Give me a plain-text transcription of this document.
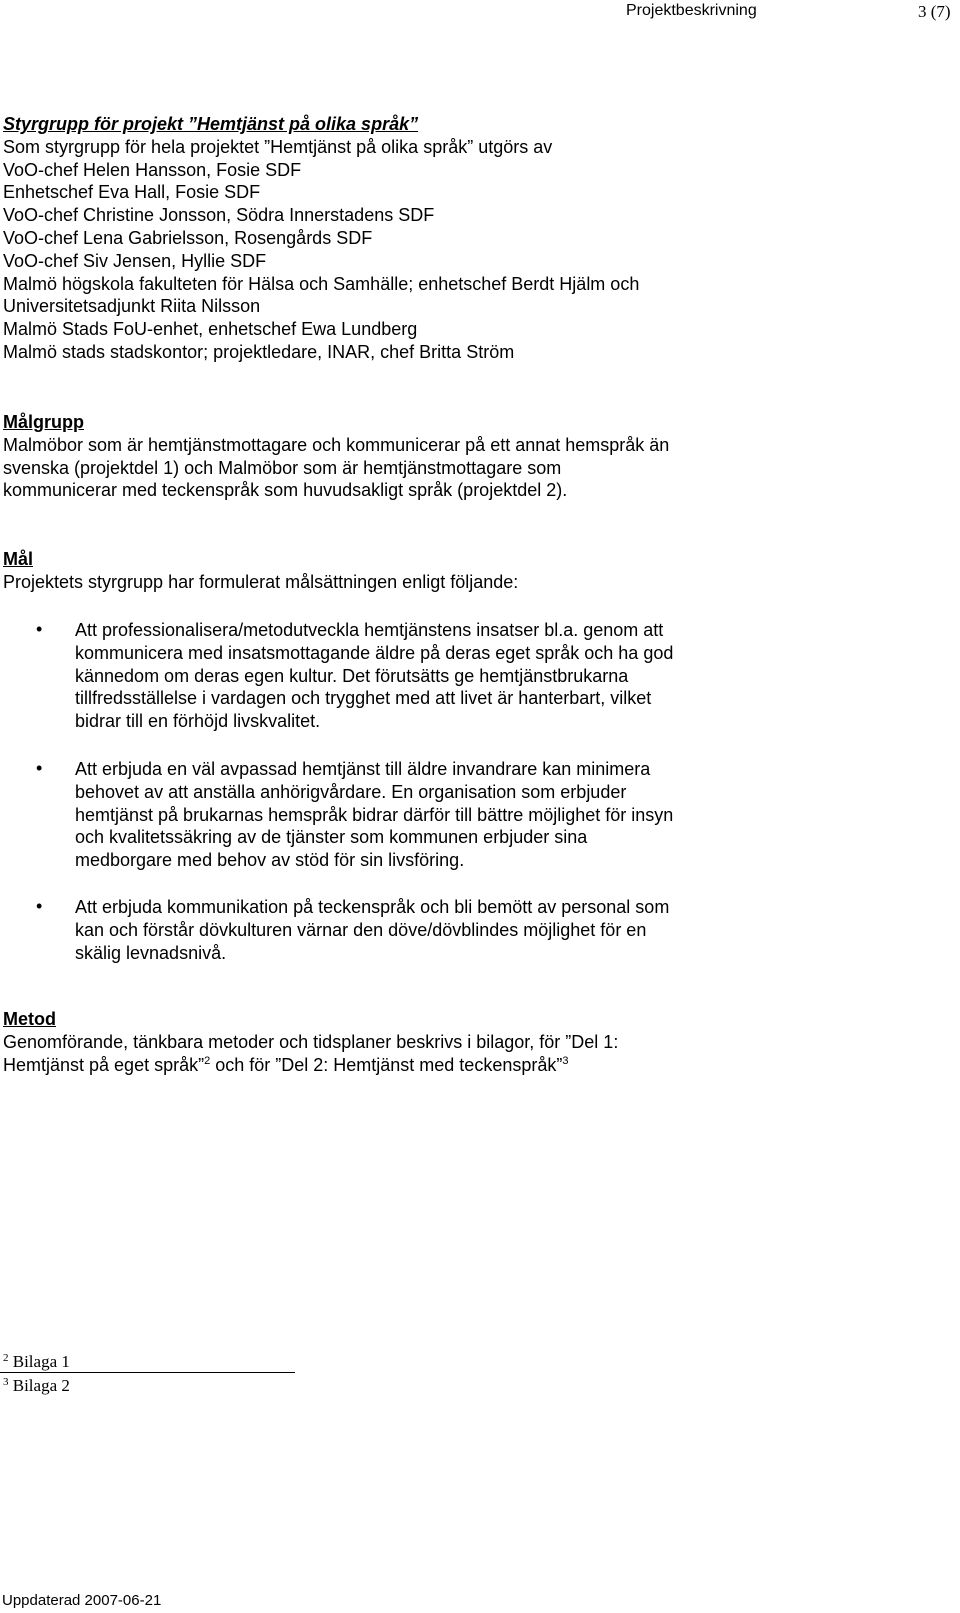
Projektbeskrivning	3 (7)
Styrgrupp för projekt ”Hemtjänst på olika språk”
Som styrgrupp för hela projektet ”Hemtjänst på olika språk” utgörs av
VoO-chef Helen Hansson, Fosie SDF
Enhetschef Eva Hall, Fosie SDF
VoO-chef Christine Jonsson, Södra Innerstadens SDF
VoO-chef Lena Gabrielsson, Rosengårds SDF
VoO-chef Siv Jensen, Hyllie SDF
Malmö högskola fakulteten för Hälsa och Samhälle; enhetschef Berdt Hjälm och
Universitetsadjunkt Riita Nilsson
Malmö Stads FoU-enhet, enhetschef Ewa Lundberg
Malmö stads stadskontor; projektledare, INAR, chef Britta Ström
Målgrupp
Malmöbor som är hemtjänstmottagare och kommunicerar på ett annat hemspråk än
svenska (projektdel 1) och Malmöbor som är hemtjänstmottagare som
kommunicerar med teckenspråk som huvudsakligt språk (projektdel 2).
Mål
Projektets styrgrupp har formulerat målsättningen enligt följande:
• Att professionalisera/metodutveckla hemtjänstens insatser bl.a. genom att
kommunicera med insatsmottagande äldre på deras eget språk och ha god
kännedom om deras egen kultur. Det förutsätts ge hemtjänstbrukarna
tillfredsställelse i vardagen och trygghet med att livet är hanterbart, vilket
bidrar till en förhöjd livskvalitet.
• Att erbjuda en väl avpassad hemtjänst till äldre invandrare kan minimera
behovet av att anställa anhörigvårdare. En organisation som erbjuder
hemtjänst på brukarnas hemspråk bidrar därför till bättre möjlighet för insyn
och kvalitetssäkring av de tjänster som kommunen erbjuder sina
medborgare med behov av stöd för sin livsföring.
• Att erbjuda kommunikation på teckenspråk och bli bemött av personal som
kan och förstår dövkulturen värnar den döve/dövblindes möjlighet för en
skälig levnadsnivå.
Metod
Genomförande, tänkbara metoder och tidsplaner beskrivs i bilagor, för ”Del 1:
Hemtjänst på eget språk”$^2$ och för ”Del 2: Hemtjänst med teckenspråk”$^3$
$^2$ Bilaga 1
$^3$ Bilaga 2
Uppdaterad 2007-06-21
